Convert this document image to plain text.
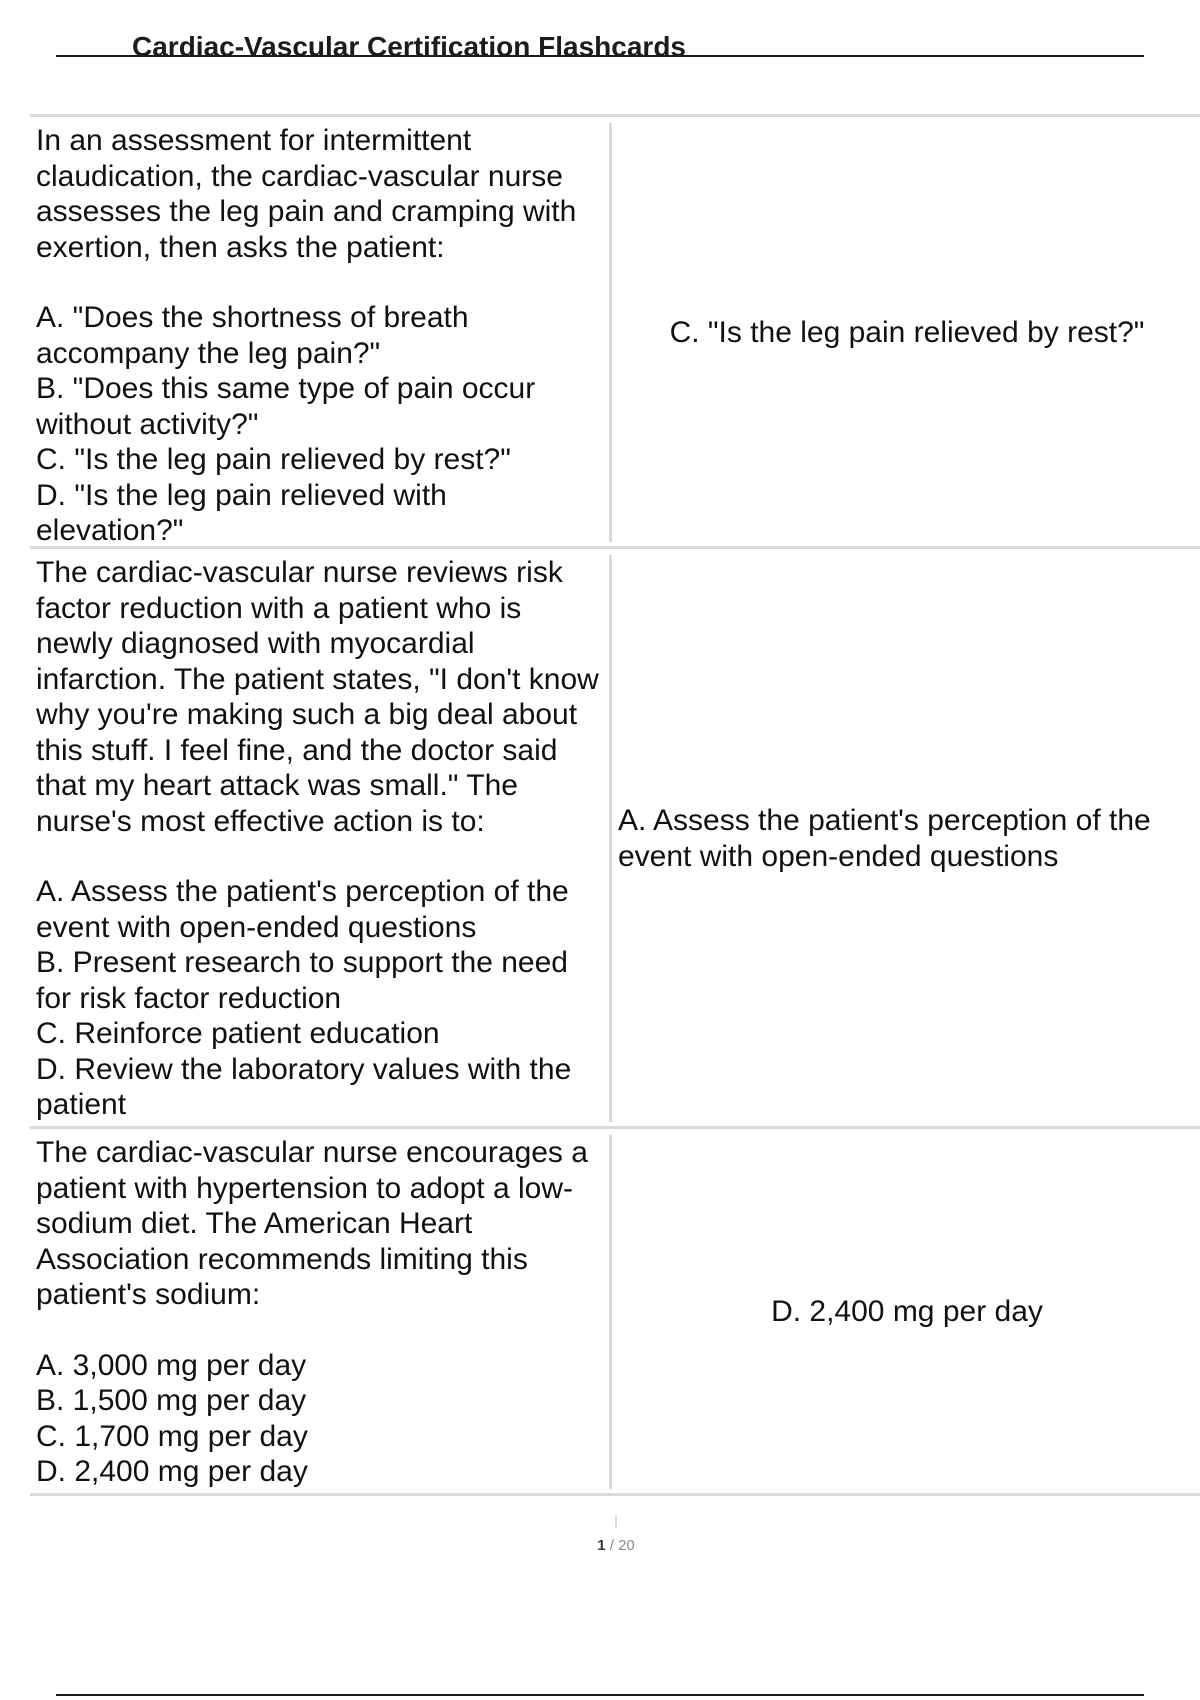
Cardiac-Vascular Certification Flashcards

In an assessment for intermittent claudication, the cardiac-vascular nurse assesses the leg pain and cramping with exertion, then asks the patient:

A. "Does the shortness of breath accompany the leg pain?"

B. "Does this same type of pain occur without activity?"

C. "Is the leg pain relieved by rest?"

D. "Is the leg pain relieved with elevation?"

C. "Is the leg pain relieved by rest?"

The cardiac-vascular nurse reviews risk factor reduction with a patient who is newly diagnosed with myocardial infarction. The patient states, "I don't know why you're making such a big deal about this stuff. I feel fine, and the doctor said that my heart attack was small." The nurse's most effective action is to:

A. Assess the patient's perception of the event with open-ended questions

B. Present research to support the need for risk factor reduction

C. Reinforce patient education

D. Review the laboratory values with the patient

A. Assess the patient's perception of the event with open-ended questions

The cardiac-vascular nurse encourages a patient with hypertension to adopt a low-sodium diet. The American Heart Association recommends limiting this patient's sodium:

A. 3,000 mg per day

B. 1,500 mg per day

C. 1,700 mg per day

D. 2,400 mg per day

D. 2,400 mg per day
1 / 20
